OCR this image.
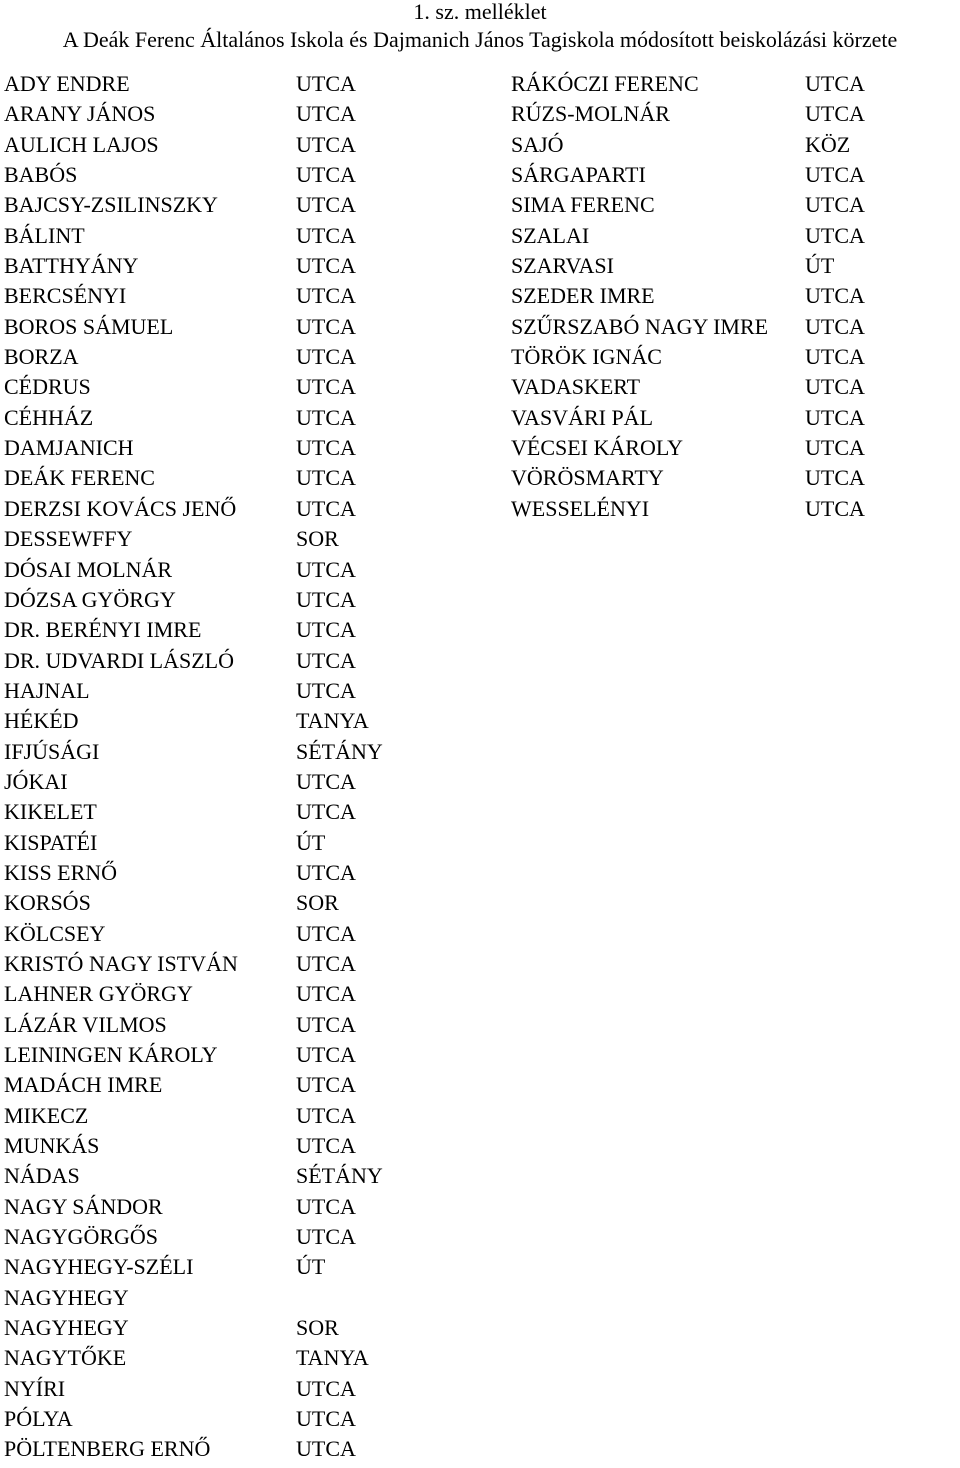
1. sz. melléklet
A Deák Ferenc Általános Iskola és Dajmanich János Tagiskola módosított beiskolázási körzete
ADY ENDRE	UTCA
ARANY JÁNOS	UTCA
AULICH LAJOS	UTCA
BABÓS	UTCA
BAJCSY-ZSILINSZKY	UTCA
BÁLINT	UTCA
BATTHYÁNY	UTCA
BERCSÉNYI	UTCA
BOROS SÁMUEL	UTCA
BORZA	UTCA
CÉDRUS	UTCA
CÉHHÁZ	UTCA
DAMJANICH	UTCA
DEÁK FERENC	UTCA
DERZSI KOVÁCS JENŐ	UTCA
DESSEWFFY	SOR
DÓSAI MOLNÁR	UTCA
DÓZSA GYÖRGY	UTCA
DR. BERÉNYI IMRE	UTCA
DR. UDVARDI LÁSZLÓ	UTCA
HAJNAL	UTCA
HÉKÉD	TANYA
IFJÚSÁGI	SÉTÁNY
JÓKAI	UTCA
KIKELET	UTCA
KISPATÉI	ÚT
KISS ERNŐ	UTCA
KORSÓS	SOR
KÖLCSEY	UTCA
KRISTÓ NAGY ISTVÁN	UTCA
LAHNER GYÖRGY	UTCA
LÁZÁR VILMOS	UTCA
LEININGEN KÁROLY	UTCA
MADÁCH IMRE	UTCA
MIKECZ	UTCA
MUNKÁS	UTCA
NÁDAS	SÉTÁNY
NAGY SÁNDOR	UTCA
NAGYGÖRGŐS	UTCA
NAGYHEGY-SZÉLI	ÚT
NAGYHEGY
NAGYHEGY	SOR
NAGYTŐKE	TANYA
NYÍRI	UTCA
PÓLYA	UTCA
PÖLTENBERG ERNŐ	UTCA
RÁKÓCZI FERENC	UTCA
RÚZS-MOLNÁR	UTCA
SAJÓ	KÖZ
SÁRGAPARTI	UTCA
SIMA FERENC	UTCA
SZALAI	UTCA
SZARVASI	ÚT
SZEDER IMRE	UTCA
SZŰRSZABÓ NAGY IMRE UTCA
TÖRÖK IGNÁC	UTCA
VADASKERT	UTCA
VASVÁRI PÁL	UTCA
VÉCSEI KÁROLY	UTCA
VÖRÖSMARTY	UTCA
WESSELÉNYI	UTCA
